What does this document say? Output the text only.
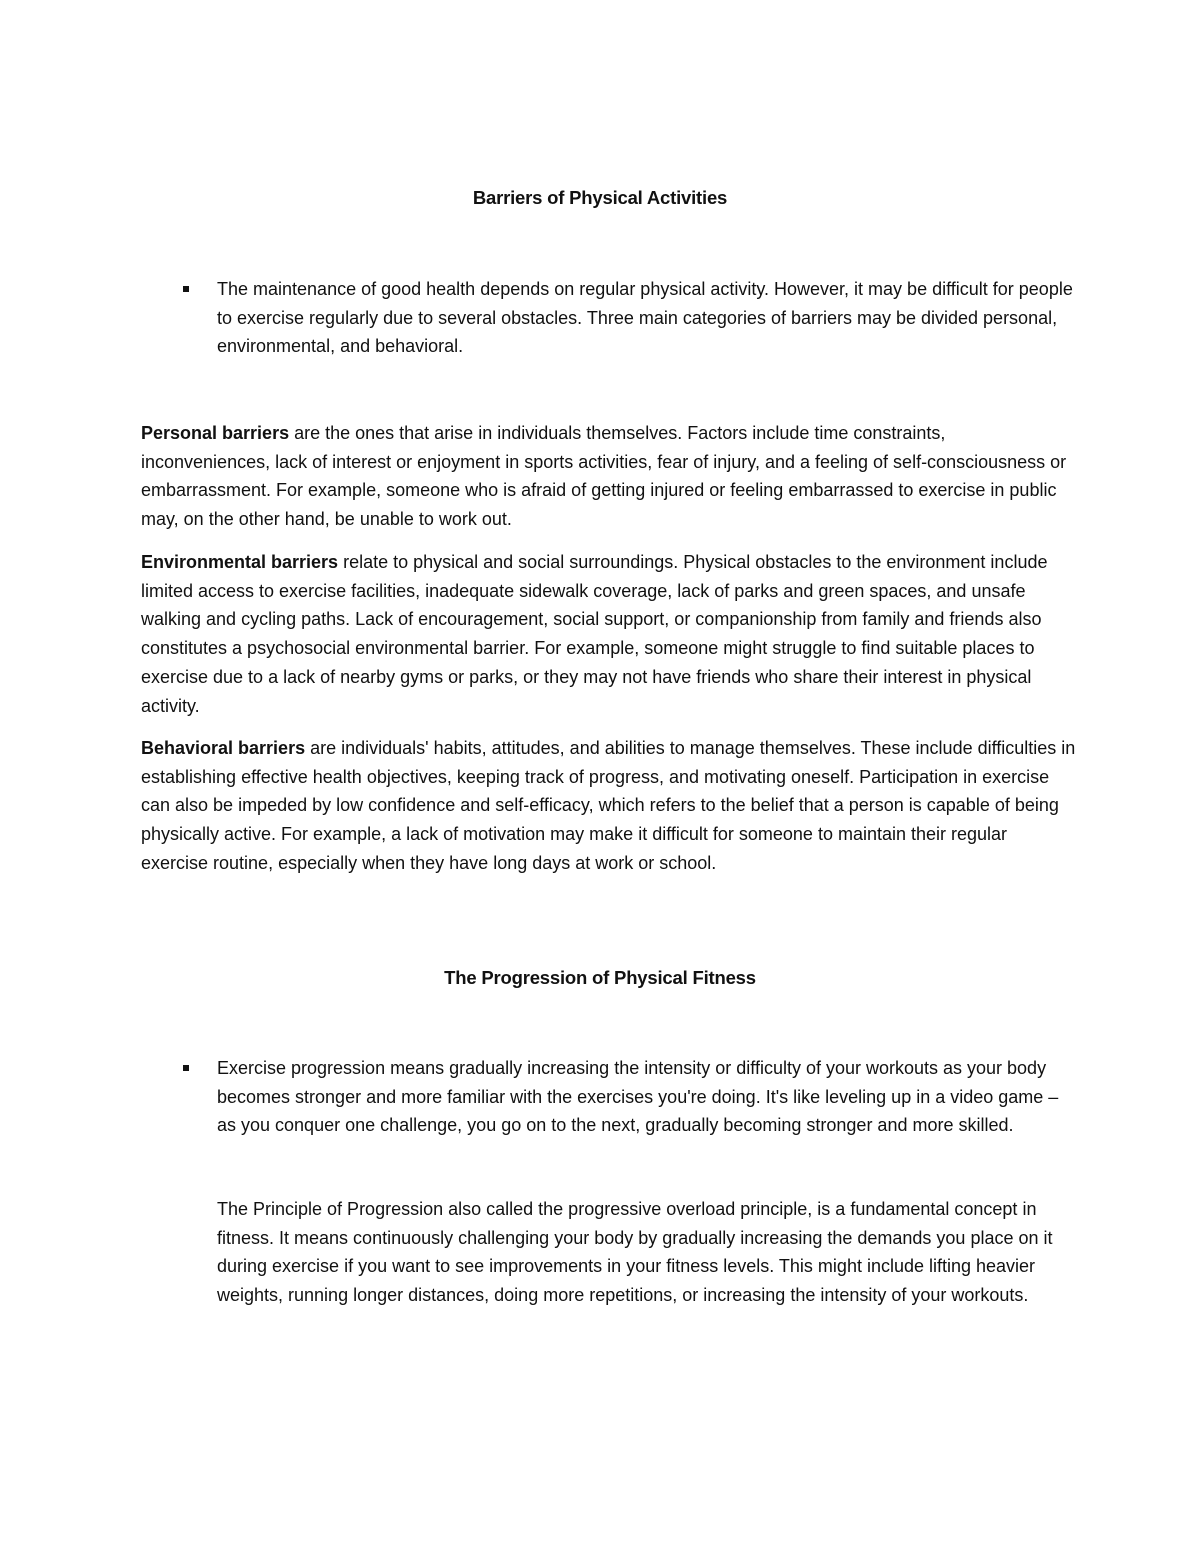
Barriers of Physical Activities

The maintenance of good health depends on regular physical activity. However, it may be difficult for people to exercise regularly due to several obstacles. Three main categories of barriers may be divided personal, environmental, and behavioral.

Personal barriers are the ones that arise in individuals themselves. Factors include time constraints, inconveniences, lack of interest or enjoyment in sports activities, fear of injury, and a feeling of self-consciousness or embarrassment. For example, someone who is afraid of getting injured or feeling embarrassed to exercise in public may, on the other hand, be unable to work out.

Environmental barriers relate to physical and social surroundings. Physical obstacles to the environment include limited access to exercise facilities, inadequate sidewalk coverage, lack of parks and green spaces, and unsafe walking and cycling paths. Lack of encouragement, social support, or companionship from family and friends also constitutes a psychosocial environmental barrier. For example, someone might struggle to find suitable places to exercise due to a lack of nearby gyms or parks, or they may not have friends who share their interest in physical activity.

Behavioral barriers are individuals' habits, attitudes, and abilities to manage themselves. These include difficulties in establishing effective health objectives, keeping track of progress, and motivating oneself. Participation in exercise can also be impeded by low confidence and self-efficacy, which refers to the belief that a person is capable of being physically active. For example, a lack of motivation may make it difficult for someone to maintain their regular exercise routine, especially when they have long days at work or school.

The Progression of Physical Fitness

Exercise progression means gradually increasing the intensity or difficulty of your workouts as your body becomes stronger and more familiar with the exercises you're doing. It's like leveling up in a video game – as you conquer one challenge, you go on to the next, gradually becoming stronger and more skilled.

The Principle of Progression also called the progressive overload principle, is a fundamental concept in fitness. It means continuously challenging your body by gradually increasing the demands you place on it during exercise if you want to see improvements in your fitness levels. This might include lifting heavier weights, running longer distances, doing more repetitions, or increasing the intensity of your workouts.
